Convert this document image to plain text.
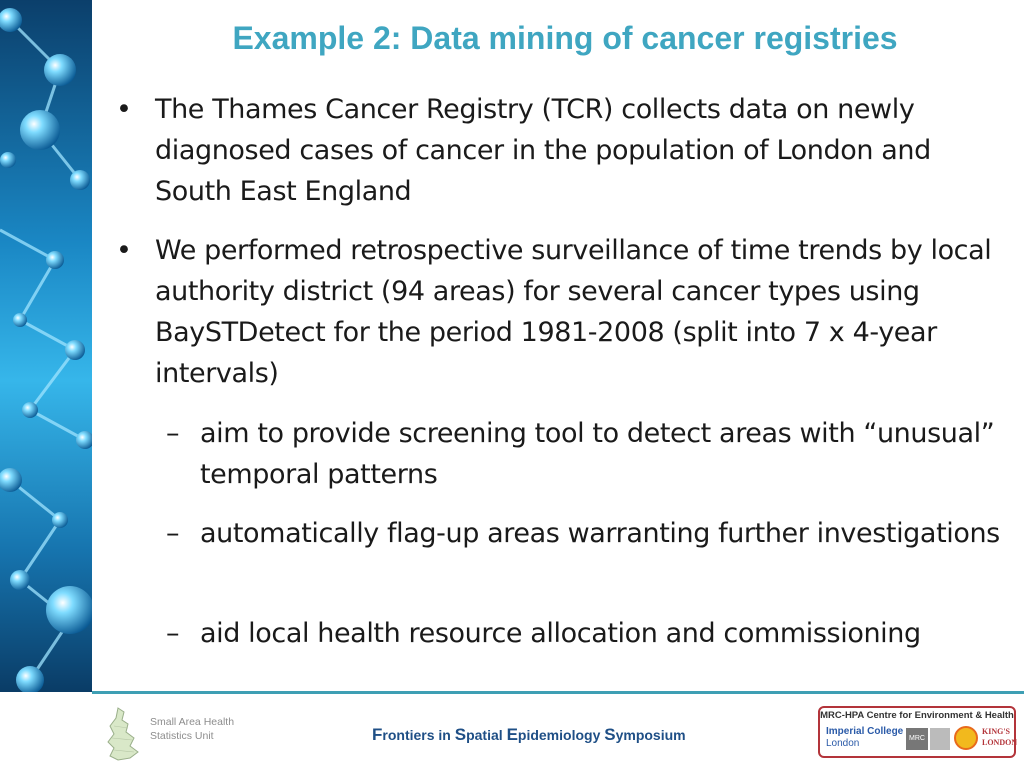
Example 2: Data mining of cancer registries
• The Thames Cancer Registry (TCR) collects data on newly diagnosed cases of cancer in the population of London and South East England
• We performed retrospective surveillance of time trends by local authority district (94 areas) for several cancer types using BaySTDetect for the period 1981-2008 (split into 7 x 4-year intervals)
– aim to provide screening tool to detect areas with “unusual” temporal patterns
– automatically flag-up areas warranting further investigations
– aid local health resource allocation and commissioning
Small Area Health
Statistics Unit	Frontiers in Spatial Epidemiology Symposium
MRC-HPA Centre for Environment & Health
Imperial College
London	MRC
KING'S
LONDON
